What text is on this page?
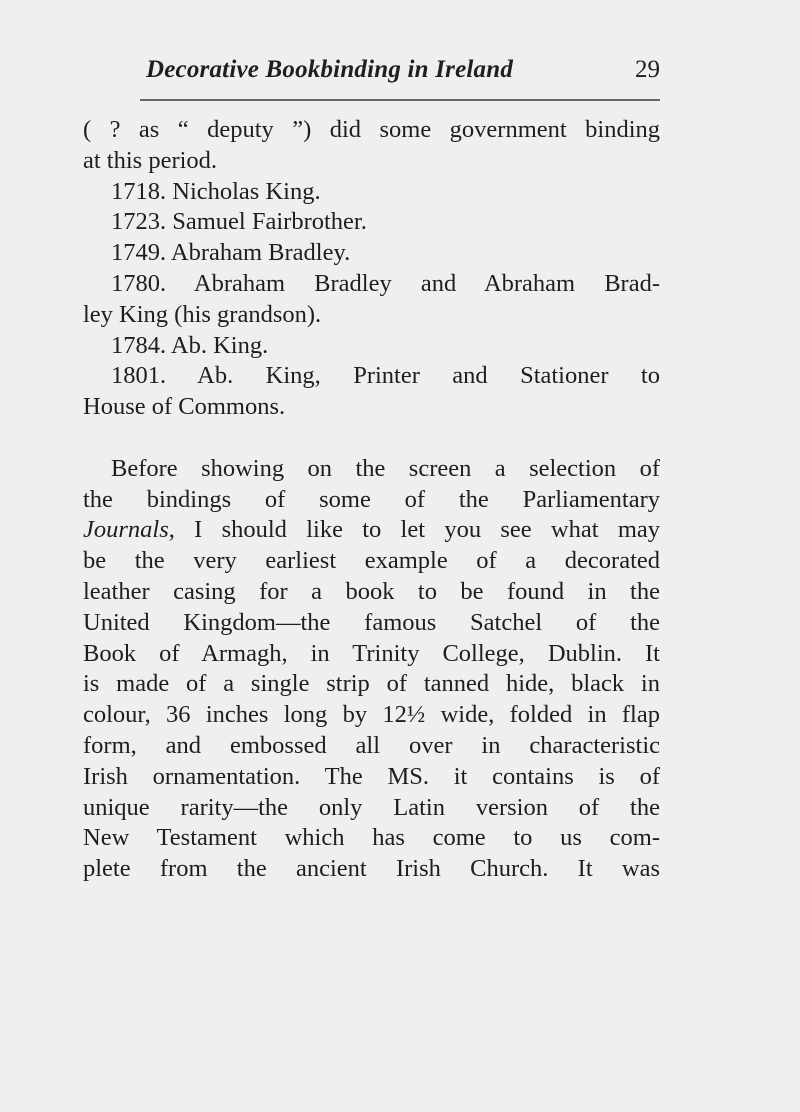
Decorative Bookbinding in Ireland	29
( ? as “ deputy ”) did some government binding
at this period.
1718. Nicholas King.
1723. Samuel Fairbrother.
1749. Abraham Bradley.
1780. Abraham Bradley and Abraham Brad-
ley King (his grandson).
1784. Ab. King.
1801. Ab. King, Printer and Stationer to
House of Commons.
Before showing on the screen a selection of
the bindings of some of the Parliamentary
Journals, I should like to let you see what may
be the very earliest example of a decorated
leather casing for a book to be found in the
United Kingdom—the famous Satchel of the
Book of Armagh, in Trinity College, Dublin. It
is made of a single strip of tanned hide, black in
colour, 36 inches long by 12½ wide, folded in flap
form, and embossed all over in characteristic
Irish ornamentation. The MS. it contains is of
unique rarity—the only Latin version of the
New Testament which has come to us com-
plete from the ancient Irish Church. It was
